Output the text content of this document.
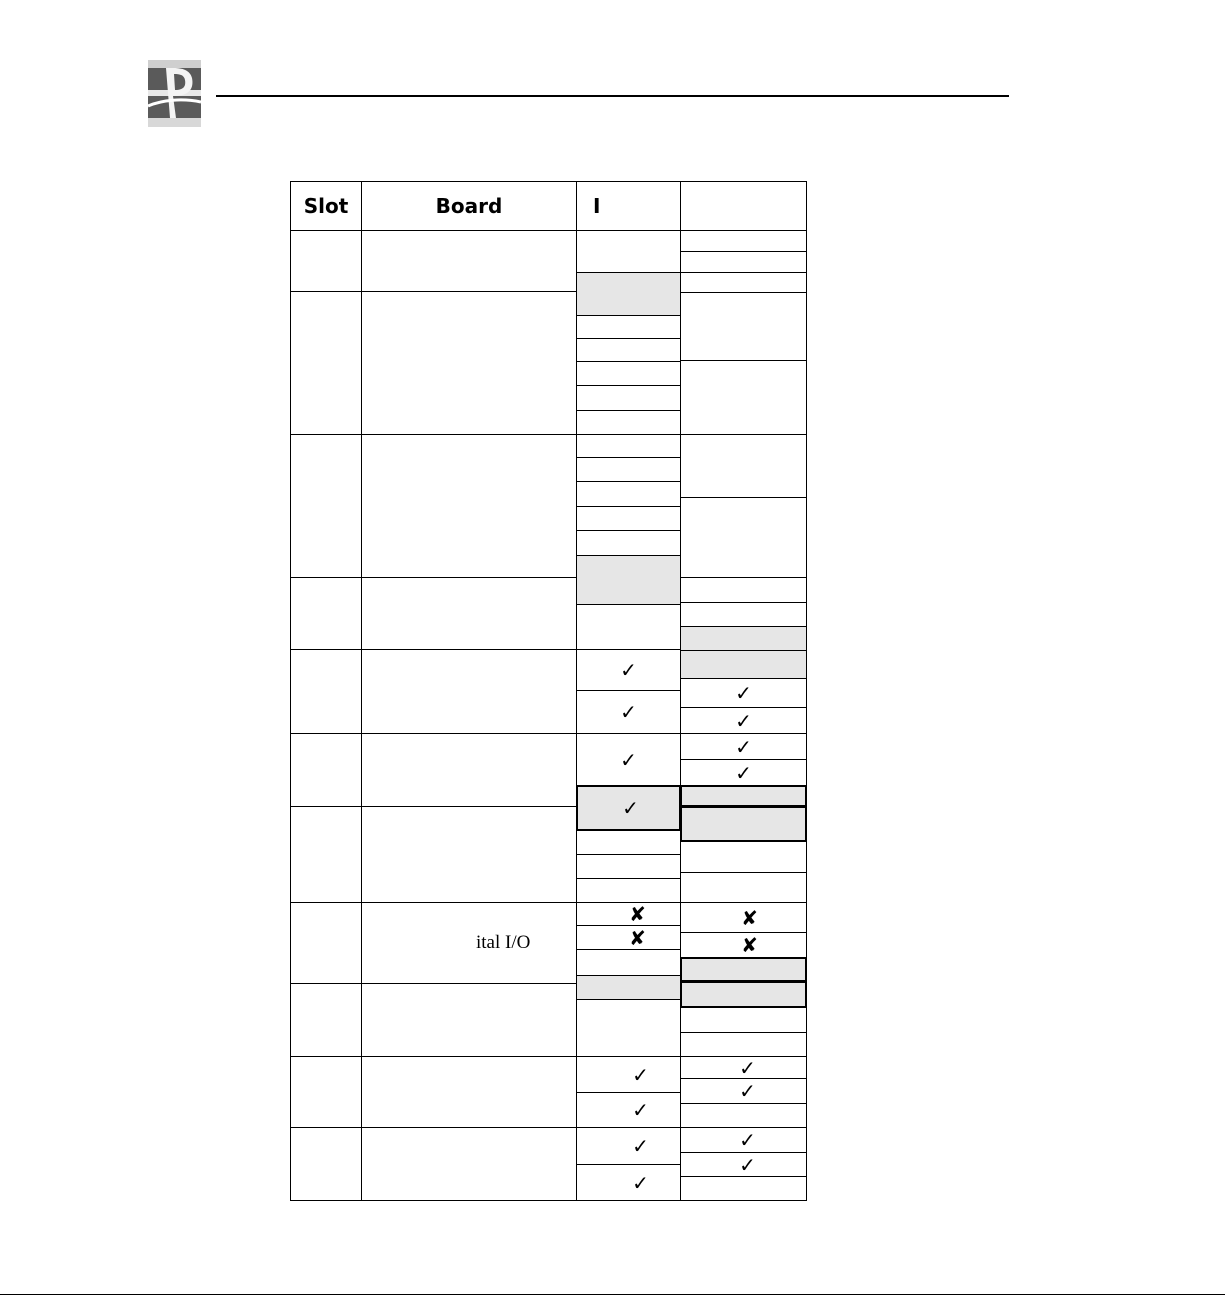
Slot	Board	I
ital I/O
✓
✓
✓
✓
✘
✘
✓
✓
✓
✓
✓
✓
✓
✓
✘
✘
✓
✓
✓
✓
